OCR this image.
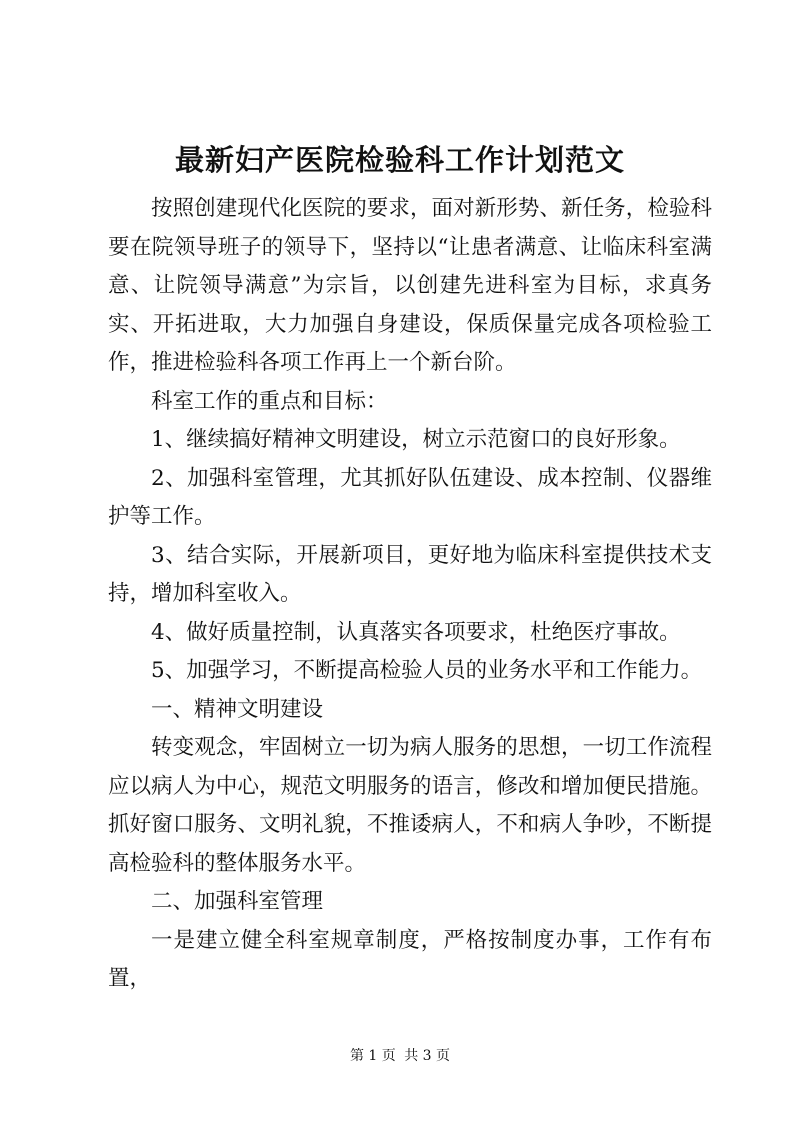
最新妇产医院检验科工作计划范文

按照创建现代化医院的要求，面对新形势、新任务，检验科要在院领导班子的领导下，坚持以“让患者满意、让临床科室满意、让院领导满意”为宗旨，以创建先进科室为目标，求真务实、开拓进取，大力加强自身建设，保质保量完成各项检验工作，推进检验科各项工作再上一个新台阶。

科室工作的重点和目标：

1、继续搞好精神文明建设，树立示范窗口的良好形象。

2、加强科室管理，尤其抓好队伍建设、成本控制、仪器维护等工作。

3、结合实际，开展新项目，更好地为临床科室提供技术支持，增加科室收入。

4、做好质量控制，认真落实各项要求，杜绝医疗事故。

5、加强学习，不断提高检验人员的业务水平和工作能力。

一、精神文明建设

转变观念，牢固树立一切为病人服务的思想，一切工作流程应以病人为中心，规范文明服务的语言，修改和增加便民措施。抓好窗口服务、文明礼貌，不推诿病人，不和病人争吵，不断提高检验科的整体服务水平。

二、加强科室管理

一是建立健全科室规章制度，严格按制度办事，工作有布置，

第 1 页 共 3 页
